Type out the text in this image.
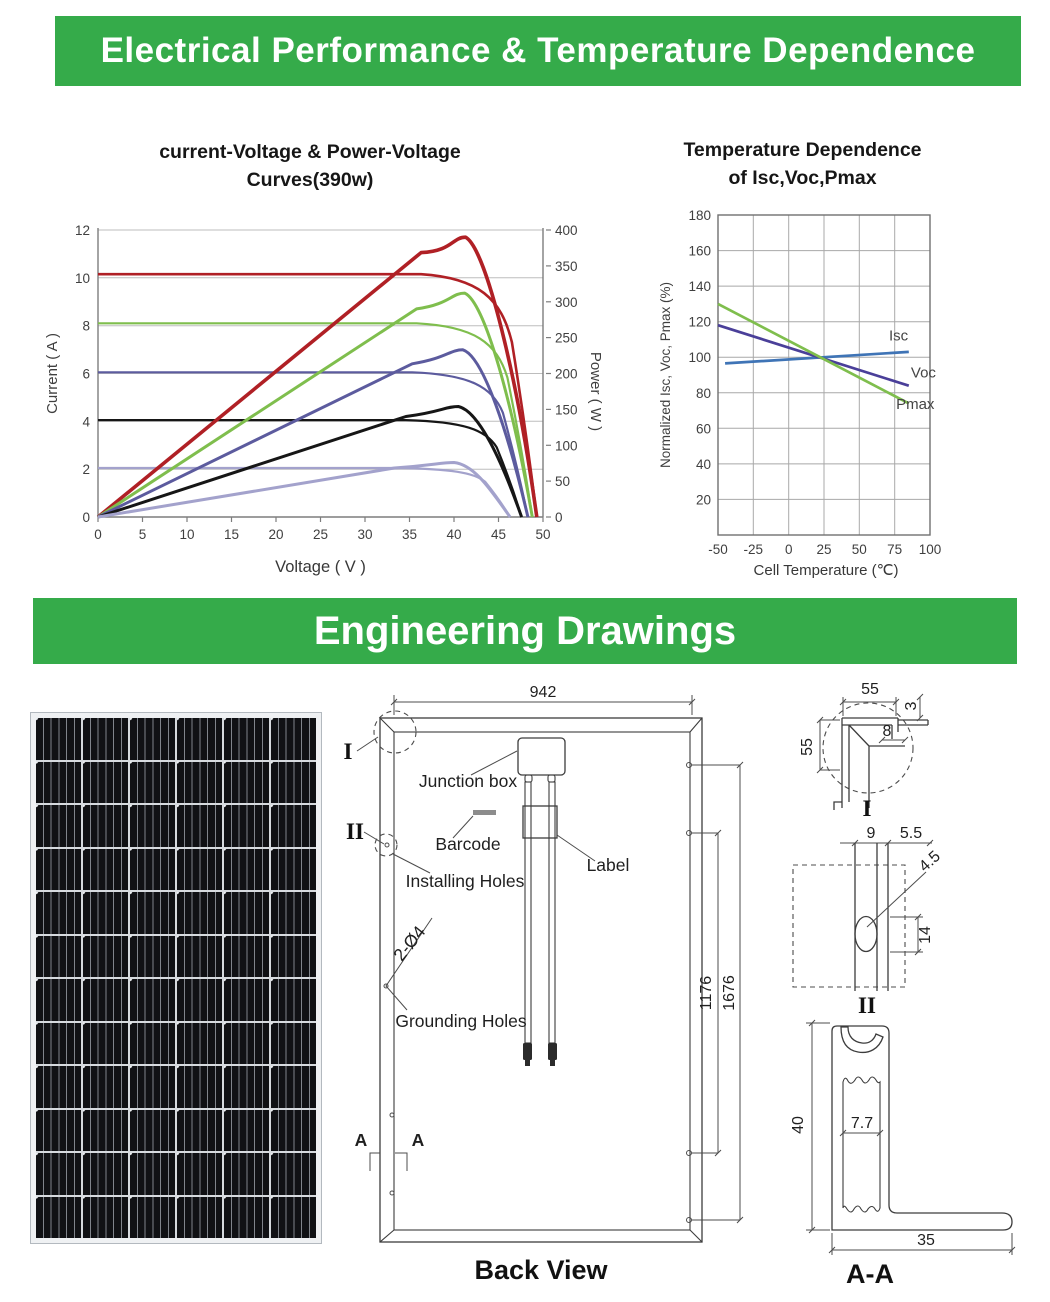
Electrical Performance & Temperature Dependence
current-Voltage & Power-Voltage
Curves(390w)
0
2
4
6
8
10
12
0
50
100
150
200
250
300
350
400
0	5 10 15 20 25 30 35 40 45 50
Voltage ( V )
Current ( A )	Power ( W )
Temperature Dependence
of Isc,Voc,Pmax
20
40
60
80
100
120
140
160
180
-50 -25 0 25 50 75 100
Cell Temperature (℃)
Normalized Isc, Voc, Pmax (%)	Isc
Voc
Pmax
Engineering Drawings
942
Junction box
Barcode
Installing Holes
Label
2-Ø4
Grounding Holes
I
II
A	A
1176 1676
Back View
55
55
8
3
I
9 5.5
4.5
14
II
40	7.7
35
A-A
